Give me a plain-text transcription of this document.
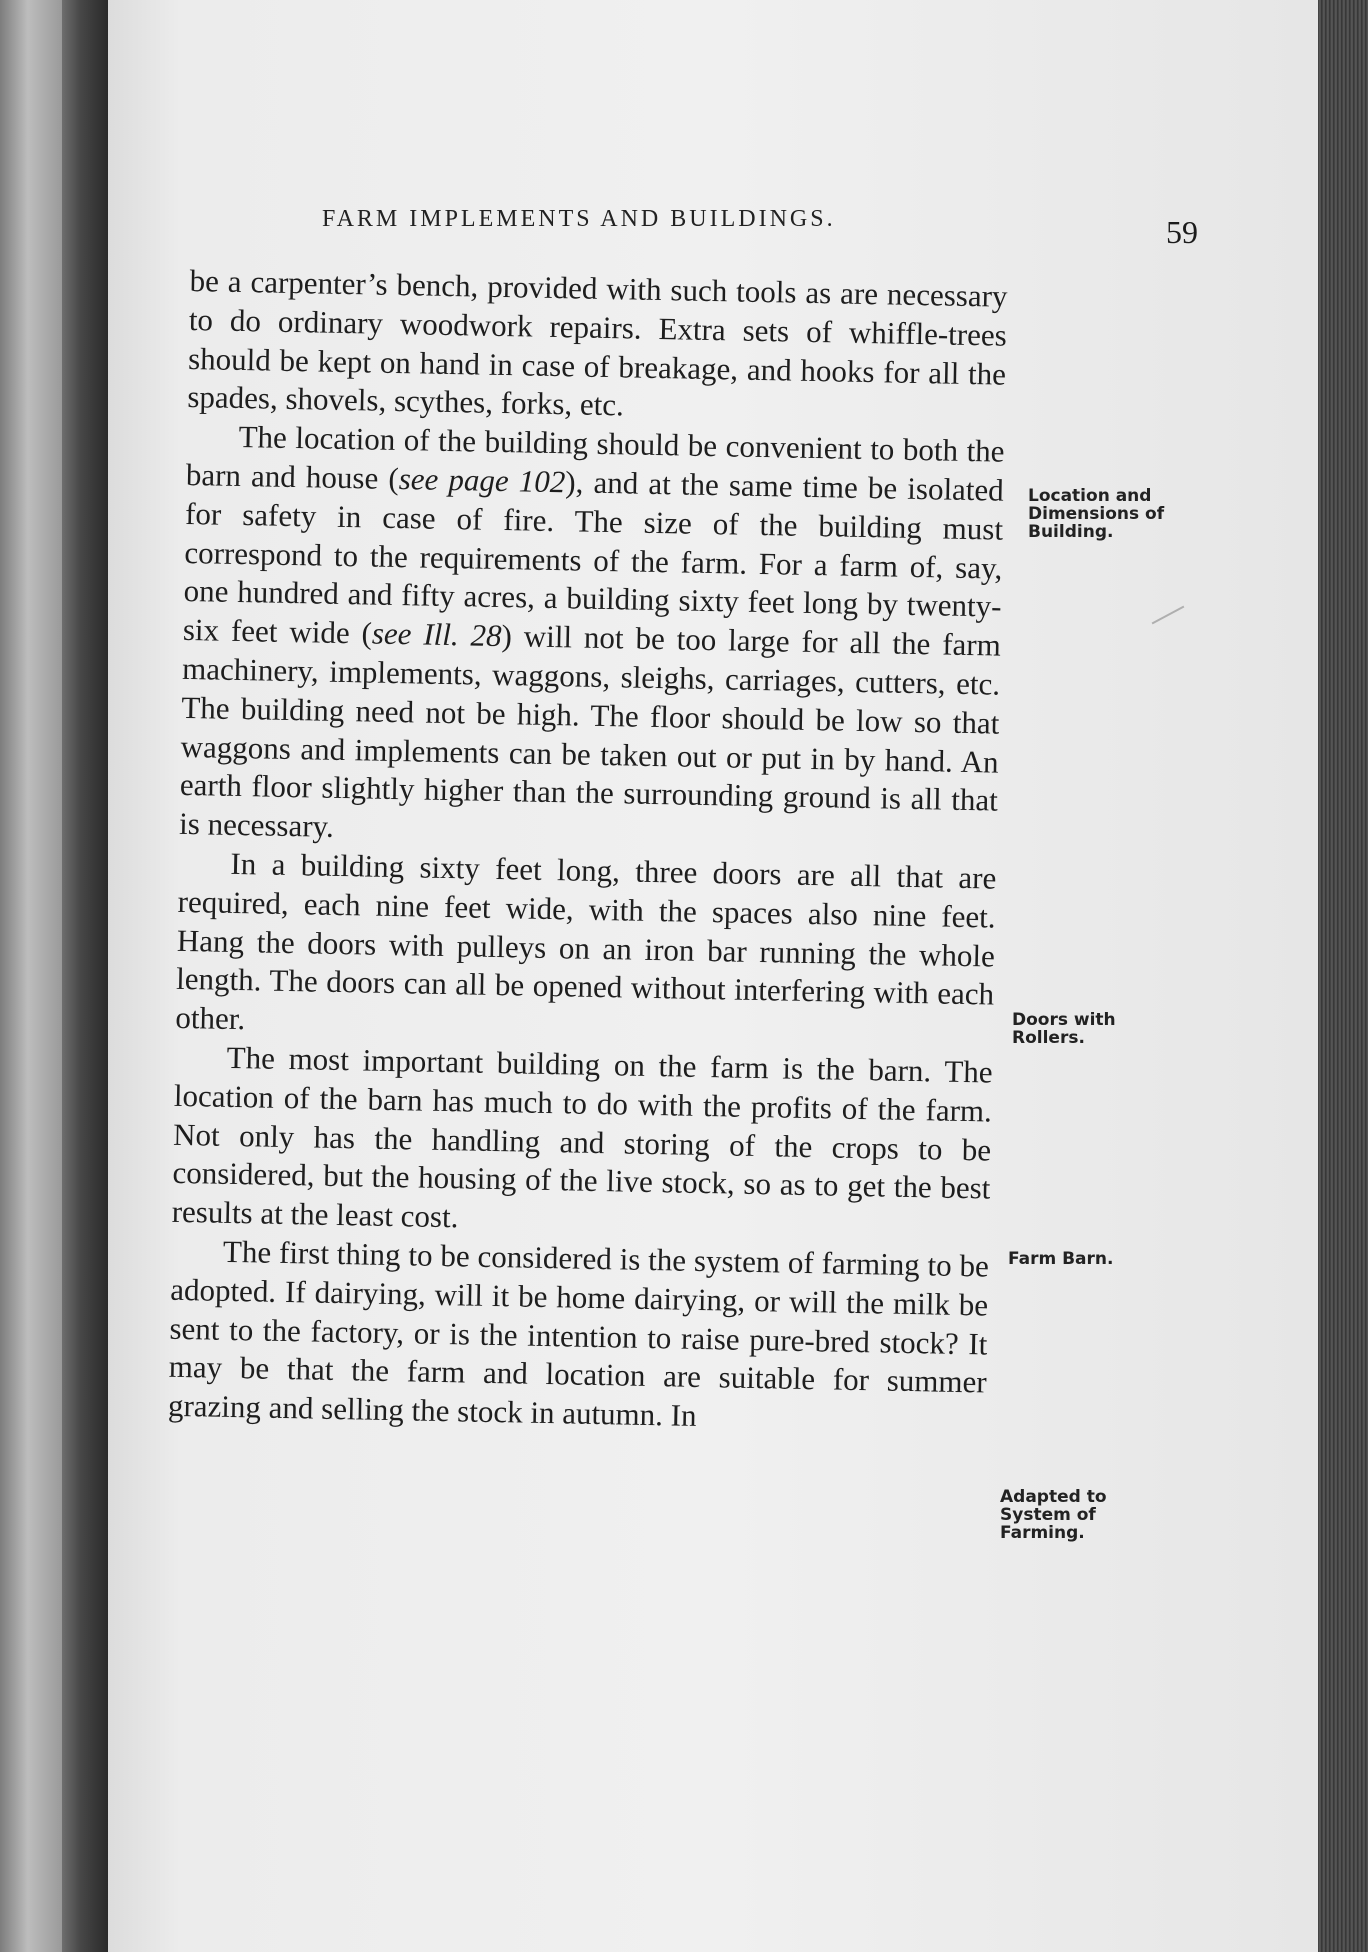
FARM IMPLEMENTS AND BUILDINGS.	59

be a carpenter’s bench, provided with such tools as are necessary to do ordinary woodwork repairs. Extra sets of whiffle-trees should be kept on hand in case of breakage, and hooks for all the spades, shovels, scythes, forks, etc.

The location of the building should be convenient to both the barn and house (see page 102), and at the same time be isolated for safety in case of fire. The size of the building must correspond to the requirements of the farm. For a farm of, say, one hundred and fifty acres, a building sixty feet long by twenty-six feet wide (see Ill. 28) will not be too large for all the farm machinery, implements, waggons, sleighs, carriages, cutters, etc. The building need not be high. The floor should be low so that waggons and implements can be taken out or put in by hand. An earth floor slightly higher than the surrounding ground is all that is necessary.

In a building sixty feet long, three doors are all that are required, each nine feet wide, with the spaces also nine feet. Hang the doors with pulleys on an iron bar running the whole length. The doors can all be opened without interfering with each other.

The most important building on the farm is the barn. The location of the barn has much to do with the profits of the farm. Not only has the handling and storing of the crops to be considered, but the housing of the live stock, so as to get the best results at the least cost.

The first thing to be considered is the system of farming to be adopted. If dairying, will it be home dairying, or will the milk be sent to the factory, or is the intention to raise pure-bred stock? It may be that the farm and location are suitable for summer grazing and selling the stock in autumn. In

Location and
Dimensions of
Building.
Doors with
Rollers.
Farm Barn.
Adapted to
System of
Farming.
